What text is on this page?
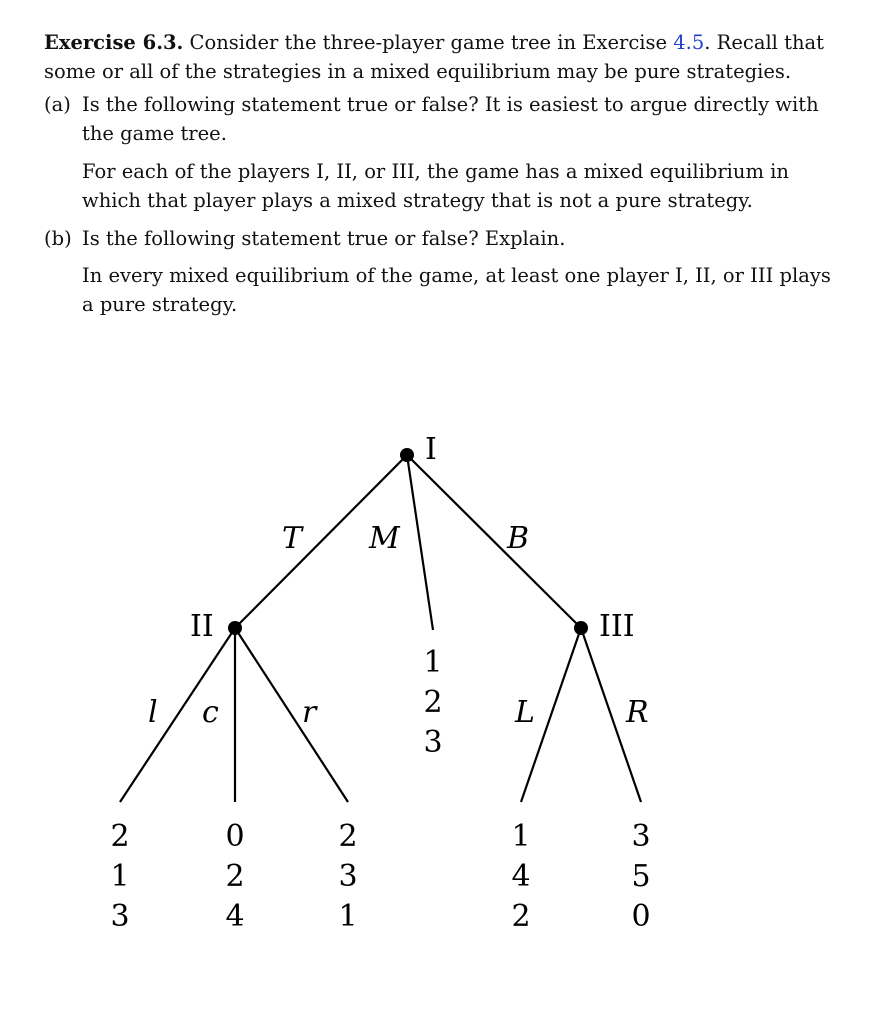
Exercise 6.3. Consider the three-player game tree in Exercise 4.5. Recall that some or all of the strategies in a mixed equilibrium may be pure strategies.
(a) Is the following statement true or false? It is easiest to argue directly with the game tree.
For each of the players I, II, or III, the game has a mixed equilibrium in which that player plays a mixed strategy that is not a pure strategy.
(b) Is the following statement true or false? Explain.
In every mixed equilibrium of the game, at least one player I, II, or III plays a pure strategy.
I
II	III
T M	B
l c	r	L	R
1
2
3
2
1
3
0
2
4
2
3
1
1
4
2
3
5
0
